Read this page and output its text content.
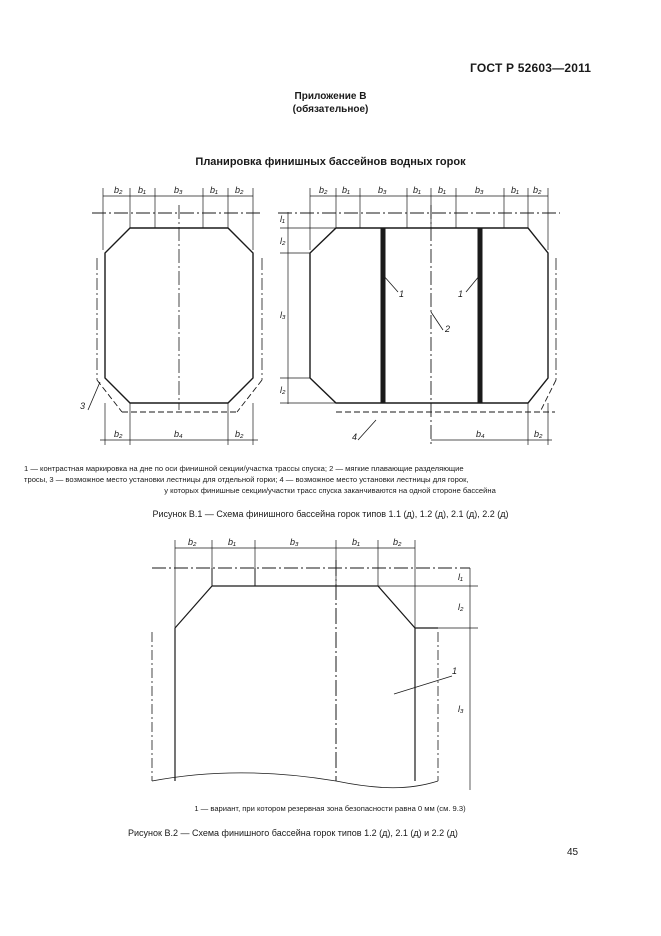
ГОСТ Р 52603—2011
Приложение В
(обязательное)
Планировка финишных бассейнов водных горок
b₂ b₁	b₃	b₁ b₂
b₂	b₄	b₂
3
b₂ b₁	b₃	b₁ b₁	b₃	b₁ b₂
l₁
l₂
l₃
l₂
b₄	b₂
1	1
2
4
b₂	b₁	b₃	b₁	b₂
l₁
l₂
l₃
1
1 — контрастная маркировка на дне по оси финишной секции/участка трассы спуска; 2 — мягкие плавающие разделяющие
тросы, 3 — возможное место установки лестницы для отдельной горки; 4 — возможное место установки лестницы для горок,
у которых финишные секции/участки трасс спуска заканчиваются на одной стороне бассейна
Рисунок В.1 — Схема финишного бассейна горок типов 1.1 (д), 1.2 (д), 2.1 (д), 2.2 (д)
1 — вариант, при котором резервная зона безопасности равна 0 мм (см. 9.3)
Рисунок В.2 — Схема финишного бассейна горок типов 1.2 (д), 2.1 (д) и 2.2 (д)
45
